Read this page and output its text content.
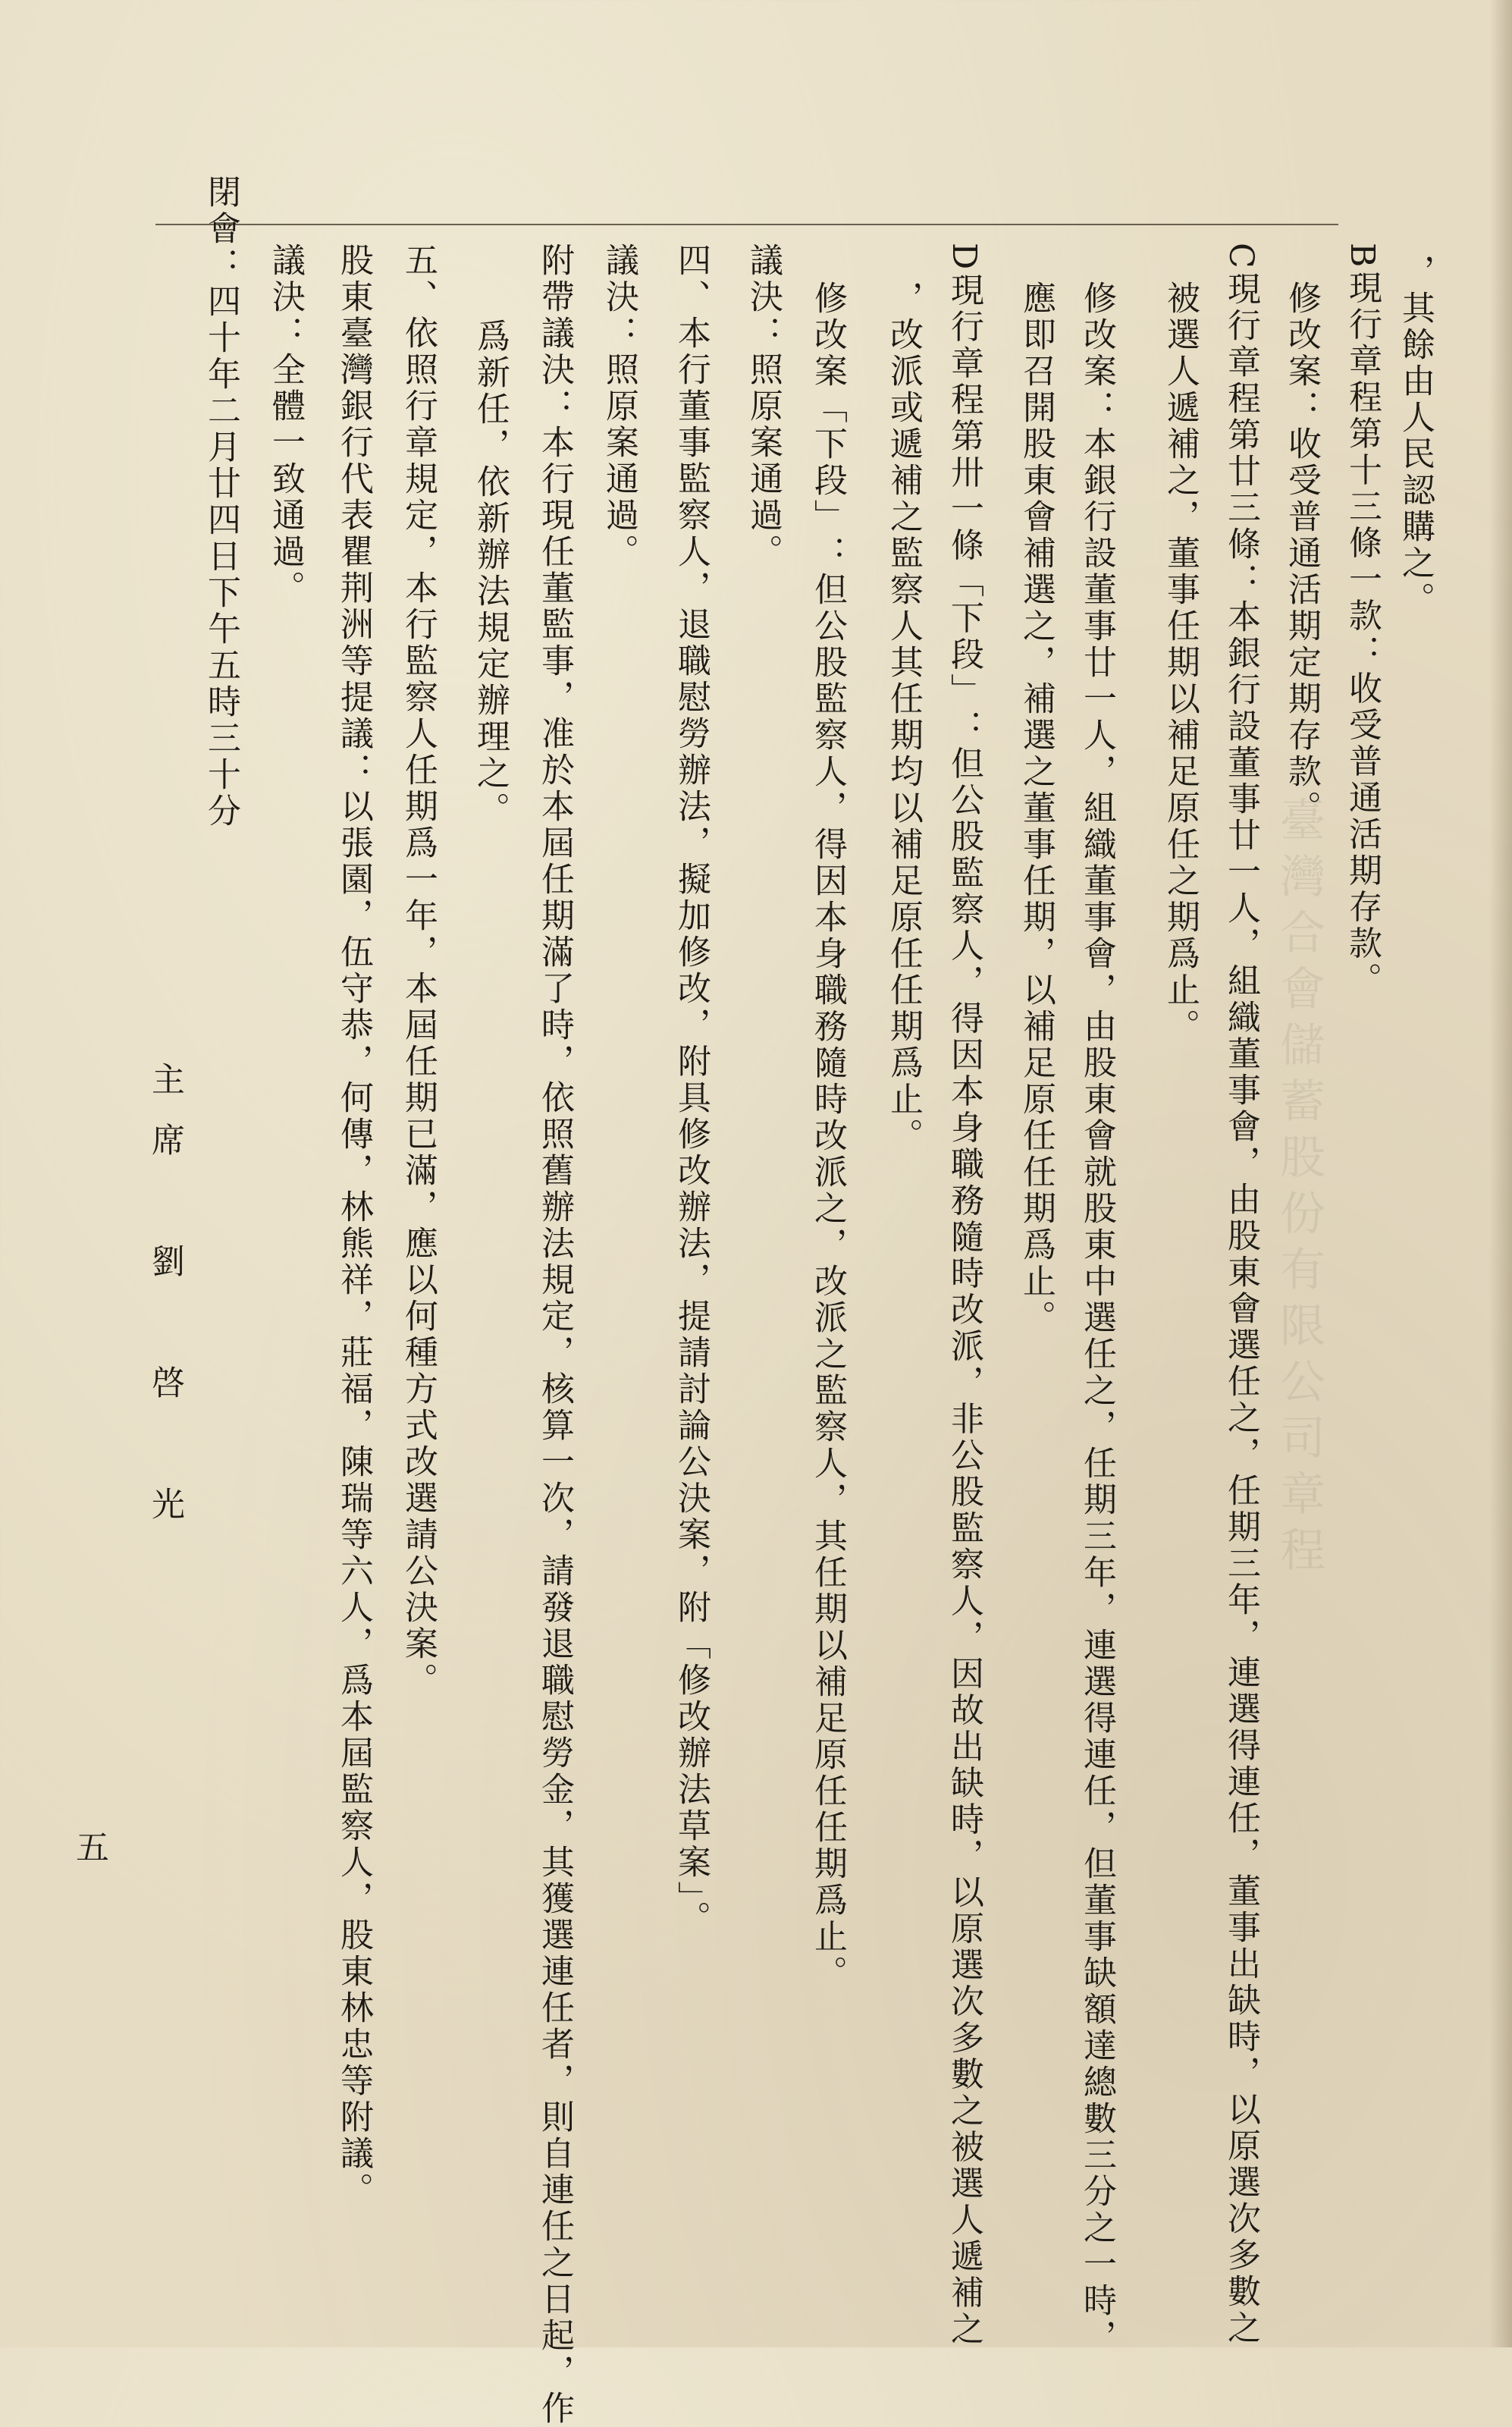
臺灣合會儲蓄股份有限公司章程
，其餘由人民認購之。
B現行章程第十三條一款：收受普通活期存款。
修改案：收受普通活期定期存款。
C現行章程第廿三條：本銀行設董事廿一人，組織董事會，由股東會選任之，任期三年，連選得連任，董事出缺時，以原選次多數之
被選人遞補之，董事任期以補足原任之期爲止。
修改案：本銀行設董事廿一人，組織董事會，由股東會就股東中選任之，任期三年，連選得連任，但董事缺額達總數三分之一時，
應即召開股東會補選之，補選之董事任期，以補足原任任期爲止。
D現行章程第卅一條「下段」：但公股監察人，得因本身職務隨時改派，非公股監察人，因故出缺時，以原選次多數之被選人遞補之
，改派或遞補之監察人其任期均以補足原任任期爲止。
修改案「下段」：但公股監察人，得因本身職務隨時改派之，改派之監察人，其任期以補足原任任期爲止。
議決：照原案通過。
四、本行董事監察人，退職慰勞辦法，擬加修改，附具修改辦法，提請討論公決案，附「修改辦法草案」。
議決：照原案通過。
附帶議決：本行現任董監事，准於本屆任期滿了時，依照舊辦法規定，核算一次，請發退職慰勞金，其獲選連任者，則自連任之日起，作
爲新任，依新辦法規定辦理之。
五、依照行章規定，本行監察人任期爲一年，本屆任期已滿，應以何種方式改選請公決案。
股東臺灣銀行代表瞿荆洲等提議：以張園，伍守恭，何傳，林熊祥，莊福，陳瑞等六人，爲本屆監察人，股東林忠等附議。
議決：全體一致通過。
閉會：四十年二月廿四日下午五時三十分
主席　劉　啓　光
五
